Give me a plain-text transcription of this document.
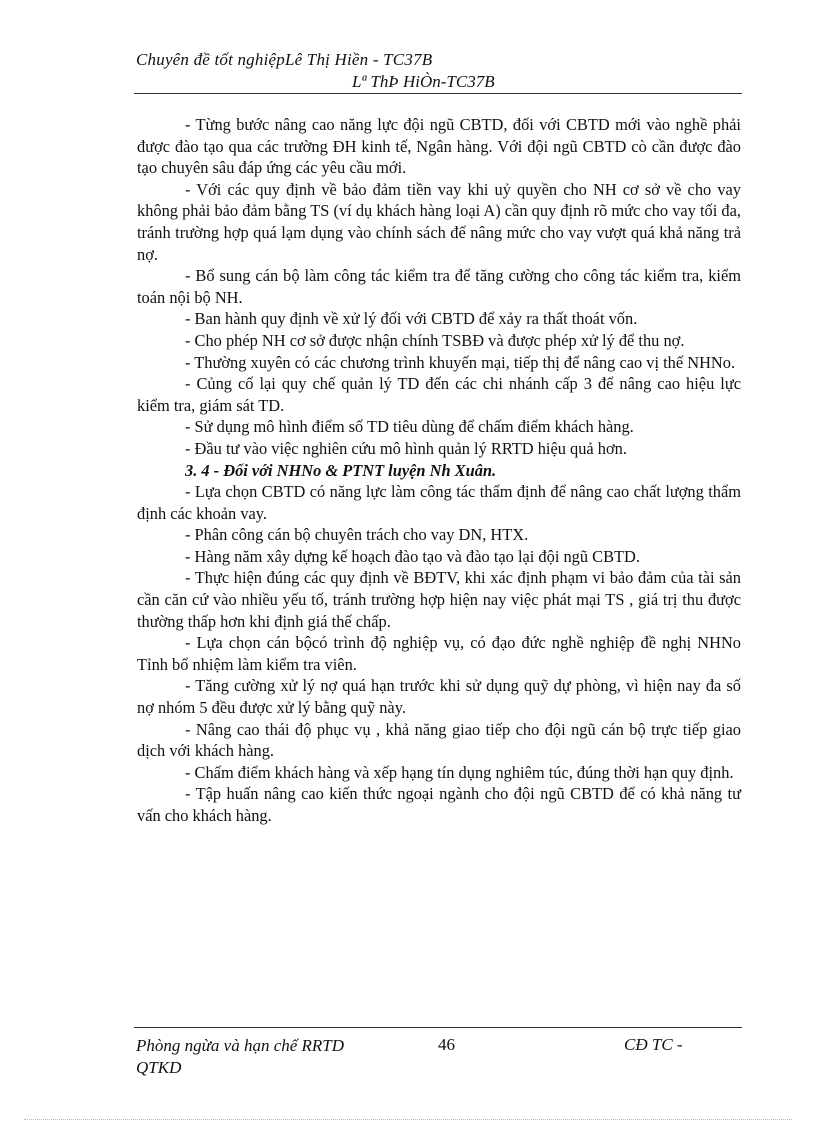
Chuyên đề tốt nghiệpLê Thị Hiền - TC37B
Lª ThÞ HiÒn-TC37B

- Từng bước nâng cao năng lực đội ngũ CBTD, đối với CBTD mới vào nghề phải được đào tạo qua các trường ĐH kinh tế, Ngân hàng. Với đội ngũ CBTD cò cần được đào tạo chuyên sâu đáp ứng các yêu cầu mới.

- Với các quy định về bảo đảm tiền vay khi uỷ quyền cho NH cơ sở về cho vay không phải bảo đảm bằng TS (ví dụ khách hàng loại A) cần quy định rõ mức cho vay tối đa, tránh trường hợp quá lạm dụng vào chính sách để nâng mức cho vay vượt quá khả năng trả nợ.

- Bổ sung cán bộ làm công tác kiểm tra để tăng cường cho công tác kiểm tra, kiểm toán nội bộ NH.

- Ban hành quy định về xử lý đối với CBTD để xảy ra thất thoát vốn.

- Cho phép NH cơ sở được nhận chính TSBĐ và được phép xử lý để thu nợ.

- Thường xuyên có các chương trình khuyến mại, tiếp thị để nâng cao vị thế NHNo.

- Củng cố lại quy chế quản lý TD đến các chi nhánh cấp 3 để nâng cao hiệu lực kiểm tra, giám sát TD.

- Sử dụng mô hình điểm số TD tiêu dùng để chấm điểm khách hàng.

- Đầu tư vào việc nghiên cứu mô hình quản lý RRTD hiệu quả hơn.

3. 4 - Đối với NHNo & PTNT luyện Nh Xuân.

- Lựa chọn CBTD có năng lực làm công tác thẩm định để nâng cao chất lượng thẩm định các khoản vay.

- Phân công cán bộ chuyên trách cho vay DN, HTX.

- Hàng năm xây dựng kế hoạch đào tạo và đào tạo lại đội ngũ CBTD.

- Thực hiện đúng các quy định về BĐTV, khi xác định phạm vi bảo đảm của tài sản cần căn cứ vào nhiều yếu tố, tránh trường hợp hiện nay việc phát mại TS , giá trị thu được thường thấp hơn khi định giá thế chấp.

- Lựa chọn cán bộcó trình độ nghiệp vụ, có đạo đức nghề nghiệp đề nghị NHNo Tỉnh bổ nhiệm làm kiểm tra viên.

- Tăng cường xử lý nợ quá hạn trước khi sử dụng quỹ dự phòng, vì hiện nay đa số nợ nhóm 5 đều được xử lý bằng quỹ này.

- Nâng cao thái độ phục vụ , khả năng giao tiếp cho đội ngũ cán bộ trực tiếp giao dịch với khách hàng.

- Chấm điểm khách hàng và xếp hạng tín dụng nghiêm túc, đúng thời hạn quy định.

- Tập huấn nâng cao kiến thức ngoại ngành cho đội ngũ CBTD để có khả năng tư vấn cho khách hàng.

Phòng ngừa và hạn chế RRTD QTKD
46	CĐ TC -
